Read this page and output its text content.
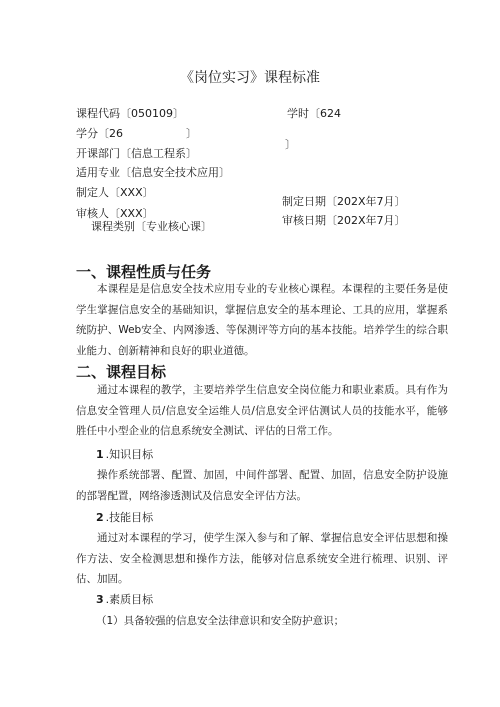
《岗位实习》课程标准
课程代码〔050109〕	学时〔624
学分〔26	〕
〕
开课部门〔信息工程系〕
适用专业〔信息安全技术应用〕
制定人〔XXX〕
制定日期〔202X年7月〕
审核人〔XXX〕
审核日期〔202X年7月〕
课程类别〔专业核心课〕
一、课程性质与任务
本课程是是信息安全技术应用专业的专业核心课程。本课程的主要任务是使学生掌握信息安全的基础知识，掌握信息安全的基本理论、工具的应用，掌握系统防护、Web安全、内网渗透、等保测评等方向的基本技能。培养学生的综合职业能力、创新精神和良好的职业道德。
二、课程目标
通过本课程的教学，主要培养学生信息安全岗位能力和职业素质。具有作为信息安全管理人员/信息安全运维人员/信息安全评估测试人员的技能水平，能够胜任中小型企业的信息系统安全测试、评估的日常工作。
1 .知识目标
操作系统部署、配置、加固，中间件部署、配置、加固，信息安全防护设施的部署配置，网络渗透测试及信息安全评估方法。
2 .技能目标
通过对本课程的学习，使学生深入参与和了解、掌握信息安全评估思想和操作方法、安全检测思想和操作方法，能够对信息系统安全进行梳理、识别、评估、加固。
3 .素质目标
（1）具备较强的信息安全法律意识和安全防护意识；
